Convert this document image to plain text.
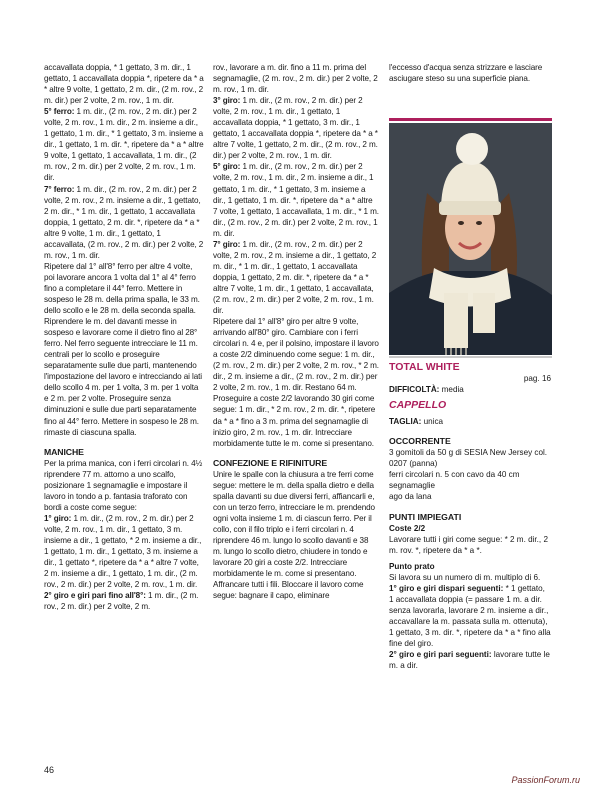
accavallata doppia, * 1 gettato, 3 m. dir., 1 gettato, 1 accavallata doppia *, ripetere da * a * altre 9 volte, 1 gettato, 2 m. dir., (2 m. rov., 2 m. dir.) per 2 volte, 2 m. rov., 1 m. dir.

5° ferro: 1 m. dir., (2 m. rov., 2 m. dir.) per 2 volte, 2 m. rov., 1 m. dir., 2 m. insieme a dir., 1 gettato, 1 m. dir., * 1 gettato, 3 m. insieme a dir., 1 gettato, 1 m. dir. *, ripetere da * a * altre 9 volte, 1 gettato, 1 accavallata, 1 m. dir., (2 m. rov., 2 m. dir.) per 2 volte, 2 m. rov., 1 m. dir.

7° ferro: 1 m. dir., (2 m. rov., 2 m. dir.) per 2 volte, 2 m. rov., 2 m. insieme a dir., 1 gettato, 2 m. dir., * 1 m. dir., 1 gettato, 1 accavallata doppia, 1 gettato, 2 m. dir. *, ripetere da * a * altre 9 volte, 1 m. dir., 1 gettato, 1 accavallata, (2 m. rov., 2 m. dir.) per 2 volte, 2 m. rov., 1 m. dir.

Ripetere dal 1° all'8° ferro per altre 4 volte, poi lavorare ancora 1 volta dal 1° al 4° ferro fino a completare il 44° ferro. Mettere in sospeso le 28 m. della prima spalla, le 33 m. dello scollo e le 28 m. della seconda spalla.

Riprendere le m. del davanti messe in sospeso e lavorare come il dietro fino al 28° ferro. Nel ferro seguente intrecciare le 11 m. centrali per lo scollo e proseguire separatamente sulle due parti, mantenendo l'impostazione del lavoro e intrecciando ai lati dello scollo 4 m. per 1 volta, 3 m. per 1 volta e 2 m. per 2 volte. Proseguire senza diminuzioni e sulle due parti separatamente fino al 44° ferro. Mettere in sospeso le 28 m. rimaste di ciascuna spalla.

MANICHE

Per la prima manica, con i ferri circolari n. 4½ riprendere 77 m. attorno a uno scalfo, posizionare 1 segnamaglie e impostare il lavoro in tondo a p. fantasia traforato con bordi a coste come segue:

1° giro: 1 m. dir., (2 m. rov., 2 m. dir.) per 2 volte, 2 m. rov., 1 m. dir., 1 gettato, 3 m. insieme a dir., 1 gettato, * 2 m. insieme a dir., 1 gettato, 1 m. dir., 1 gettato, 3 m. insieme a dir., 1 gettato *, ripetere da * a * altre 7 volte, 2 m. insieme a dir., 1 gettato, 1 m. dir., (2 m. rov., 2 m. dir.) per 2 volte, 2 m. rov., 1 m. dir.

2° giro e giri pari fino all'8°: 1 m. dir., (2 m. rov., 2 m. dir.) per 2 volte, 2 m.

rov., lavorare a m. dir. fino a 11 m. prima del segnamaglie, (2 m. rov., 2 m. dir.) per 2 volte, 2 m. rov., 1 m. dir.

3° giro: 1 m. dir., (2 m. rov., 2 m. dir.) per 2 volte, 2 m. rov., 1 m. dir., 1 gettato, 1 accavallata doppia, * 1 gettato, 3 m. dir., 1 gettato, 1 accavallata doppia *, ripetere da * a * altre 7 volte, 1 gettato, 2 m. dir., (2 m. rov., 2 m. dir.) per 2 volte, 2 m. rov., 1 m. dir.

5° giro: 1 m. dir., (2 m. rov., 2 m. dir.) per 2 volte, 2 m. rov., 1 m. dir., 2 m. insieme a dir., 1 gettato, 1 m. dir., * 1 gettato, 3 m. insieme a dir., 1 gettato, 1 m. dir. *, ripetere da * a * altre 7 volte, 1 gettato, 1 accavallata, 1 m. dir., * 1 m. dir., (2 m. rov., 2 m. dir.) per 2 volte, 2 m. rov., 1 m. dir.

7° giro: 1 m. dir., (2 m. rov., 2 m. dir.) per 2 volte, 2 m. rov., 2 m. insieme a dir., 1 gettato, 2 m. dir., * 1 m. dir., 1 gettato, 1 accavallata doppia, 1 gettato, 2 m. dir. *, ripetere da * a * altre 7 volte, 1 m. dir., 1 gettato, 1 accavallata, (2 m. rov., 2 m. dir.) per 2 volte, 2 m. rov., 1 m. dir.

Ripetere dal 1° all'8° giro per altre 9 volte, arrivando all'80° giro. Cambiare con i ferri circolari n. 4 e, per il polsino, impostare il lavoro a coste 2/2 diminuendo come segue: 1 m. dir., (2 m. rov., 2 m. dir.) per 2 volte, 2 m. rov., * 2 m. dir., 2 m. insieme a dir., (2 m. rov., 2 m. dir.) per 2 volte, 2 m. rov., 1 m. dir. Restano 64 m. Proseguire a coste 2/2 lavorando 30 giri come segue: 1 m. dir., * 2 m. rov., 2 m. dir. *, ripetere da * a * fino a 3 m. prima del segnamaglie di inizio giro, 2 m. rov., 1 m. dir. Intrecciare morbidamente tutte le m. come si presentano.

CONFEZIONE E RIFINITURE

Unire le spalle con la chiusura a tre ferri come segue: mettere le m. della spalla dietro e della spalla davanti su due diversi ferri, affiancarli e, con un terzo ferro, intrecciare le m. prendendo ogni volta insieme 1 m. di ciascun ferro. Per il collo, con il filo triplo e i ferri circolari n. 4 riprendere 46 m. lungo lo scollo davanti e 38 m. lungo lo scollo dietro, chiudere in tondo e lavorare 20 giri a coste 2/2. Intrecciare morbidamente le m. come si presentano. Affrancare tutti i fili. Bloccare il lavoro come segue: bagnare il capo, eliminare

l'eccesso d'acqua senza strizzare e lasciare asciugare steso su una superficie piana.

TOTAL WHITE

pag. 16

DIFFICOLTÀ: media

CAPPELLO

TAGLIA: unica

OCCORRENTE

3 gomitoli da 50 g di SESIA New Jersey col. 0207 (panna)

ferri circolari n. 5 con cavo da 40 cm

segnamaglie

ago da lana

PUNTI IMPIEGATI

Coste 2/2

Lavorare tutti i giri come segue: * 2 m. dir., 2 m. rov. *, ripetere da * a *.

Punto prato

Si lavora su un numero di m. multiplo di 6.

1° giro e giri dispari seguenti: * 1 gettato, 1 accavallata doppia (= passare 1 m. a dir. senza lavorarla, lavorare 2 m. insieme a dir., accavallare la m. passata sulla m. ottenuta), 1 gettato, 3 m. dir. *, ripetere da * a * fino alla fine del giro.

2° giro e giri pari seguenti: lavorare tutte le m. a dir.

46
PassionForum.ru
